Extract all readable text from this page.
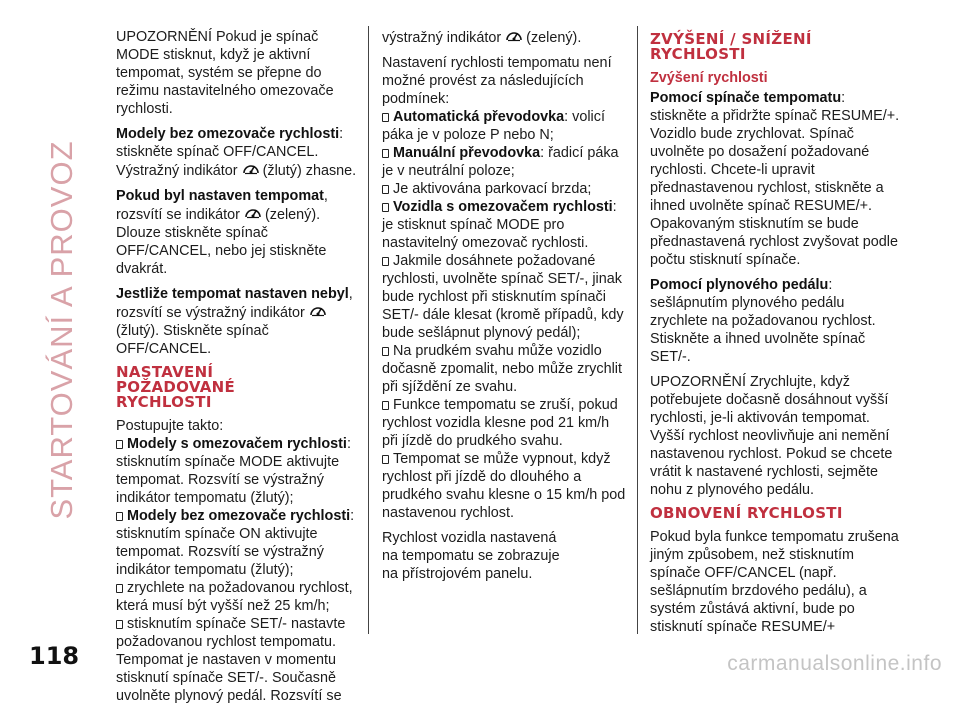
STARTOVÁNÍ A PROVOZ

UPOZORNĚNÍ Pokud je spínač MODE stisknut, když je aktivní tempomat, systém se přepne do režimu nastavitelného omezovače rychlosti.

Modely bez omezovače rychlosti: stiskněte spínač OFF/CANCEL.
Výstražný indikátor (žlutý) zhasne.

Pokud byl nastaven tempomat,
rozsvítí se indikátor (zelený). Dlouze stiskněte spínač OFF/CANCEL, nebo jej stiskněte dvakrát.

Jestliže tempomat nastaven nebyl,
rozsvítí se výstražný indikátor
(žlutý). Stiskněte spínač OFF/CANCEL.

NASTAVENÍ POŽADOVANÉ RYCHLOSTI

Postupujte takto:

Modely s omezovačem rychlosti: stisknutím spínače MODE aktivujte tempomat. Rozsvítí se výstražný indikátor tempomatu (žlutý);
Modely bez omezovače rychlosti: stisknutím spínače ON aktivujte tempomat. Rozsvítí se výstražný indikátor tempomatu (žlutý);
zrychlete na požadovanou rychlost, která musí být vyšší než 25 km/h;
stisknutím spínače SET/- nastavte požadovanou rychlost tempomatu. Tempomat je nastaven v momentu stisknutí spínače SET/-. Současně uvolněte plynový pedál. Rozsvítí se

výstražný indikátor (zelený).

Nastavení rychlosti tempomatu není možné provést za následujících podmínek:

Automatická převodovka: volicí páka je v poloze P nebo N;
Manuální převodovka: řadicí páka je v neutrální poloze;
Je aktivována parkovací brzda;
Vozidla s omezovačem rychlosti: je stisknut spínač MODE pro nastavitelný omezovač rychlosti.
Jakmile dosáhnete požadované rychlosti, uvolněte spínač SET/-, jinak bude rychlost při stisknutím spínači SET/- dále klesat (kromě případů, kdy bude sešlápnut plynový pedál);
Na prudkém svahu může vozidlo dočasně zpomalit, nebo může zrychlit při sjíždění ze svahu.
Funkce tempomatu se zruší, pokud rychlost vozidla klesne pod 21 km/h při jízdě do prudkého svahu.
Tempomat se může vypnout, když rychlost při jízdě do dlouhého a prudkého svahu klesne o 15 km/h pod nastavenou rychlost.

Rychlost vozidla nastavená na tempomatu se zobrazuje na přístrojovém panelu.

ZVÝŠENÍ / SNÍŽENÍ RYCHLOSTI
Zvýšení rychlosti

Pomocí spínače tempomatu: stiskněte a přidržte spínač RESUME/+. Vozidlo bude zrychlovat. Spínač uvolněte po dosažení požadované rychlosti. Chcete-li upravit přednastavenou rychlost, stiskněte a ihned uvolněte spínač RESUME/+. Opakovaným stisknutím se bude přednastavená rychlost zvyšovat podle počtu stisknutí spínače.

Pomocí plynového pedálu: sešlápnutím plynového pedálu zrychlete na požadovanou rychlost. Stiskněte a ihned uvolněte spínač SET/-.

UPOZORNĚNÍ Zrychlujte, když potřebujete dočasně dosáhnout vyšší rychlosti, je-li aktivován tempomat. Vyšší rychlost neovlivňuje ani nemění nastavenou rychlost. Pokud se chcete vrátit k nastavené rychlosti, sejměte nohu z plynového pedálu.

OBNOVENÍ RYCHLOSTI

Pokud byla funkce tempomatu zrušena jiným způsobem, než stisknutím spínače OFF/CANCEL (např. sešlápnutím brzdového pedálu), a systém zůstává aktivní, bude po stisknutí spínače RESUME/+

118	carmanualsonline.info
